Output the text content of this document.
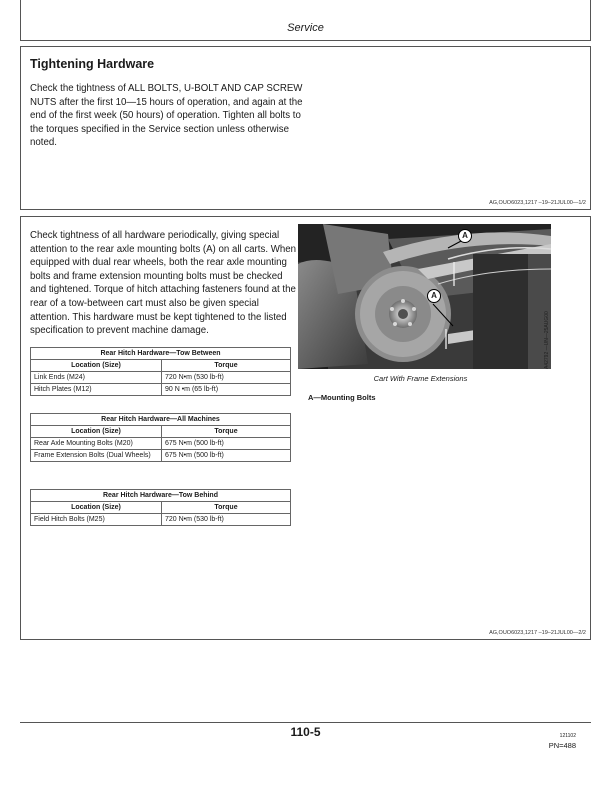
Service
Tightening Hardware
Check the tightness of ALL BOLTS, U-BOLT AND CAP SCREW NUTS after the first 10—15 hours of operation, and again at the end of the first week (50 hours) of operation. Tighten all bolts to the torques specified in the Service section unless otherwise noted.
AG,OUO6023,1217 –19–21JUL00—1/2
Check tightness of all hardware periodically, giving special attention to the rear axle mounting bolts (A) on all carts. When equipped with dual rear wheels, both the rear axle mounting bolts and frame extension mounting bolts must be checked and tightened. Torque of hitch attaching fasteners found at the rear of a tow-between cart must also be given special attention. This hardware must be kept tightened to the listed specification to prevent machine damage.
Rear Hitch Hardware—Tow Between	
Location (Size)	Torque
Link Ends (M24)	720 N•m (530 lb-ft)
Hitch Plates (M12)	90 N •m (65 lb-ft)
Rear Hitch Hardware—All Machines	
Location (Size)	Torque
Rear Axle Mounting Bolts (M20)	675 N•m (500 lb-ft)
Frame Extension Bolts (Dual Wheels)	675 N•m (500 lb-ft)
Rear Hitch Hardware—Tow Behind	
Location (Size)	Torque
Field Hitch Bolts (M25)	720 N•m (530 lb-ft)
A
A
A42792 —UN—25AUG00
Cart With Frame Extensions
A—Mounting Bolts
AG,OUO6023,1217 –19–21JUL00—2/2
110-5	121102
PN=488
